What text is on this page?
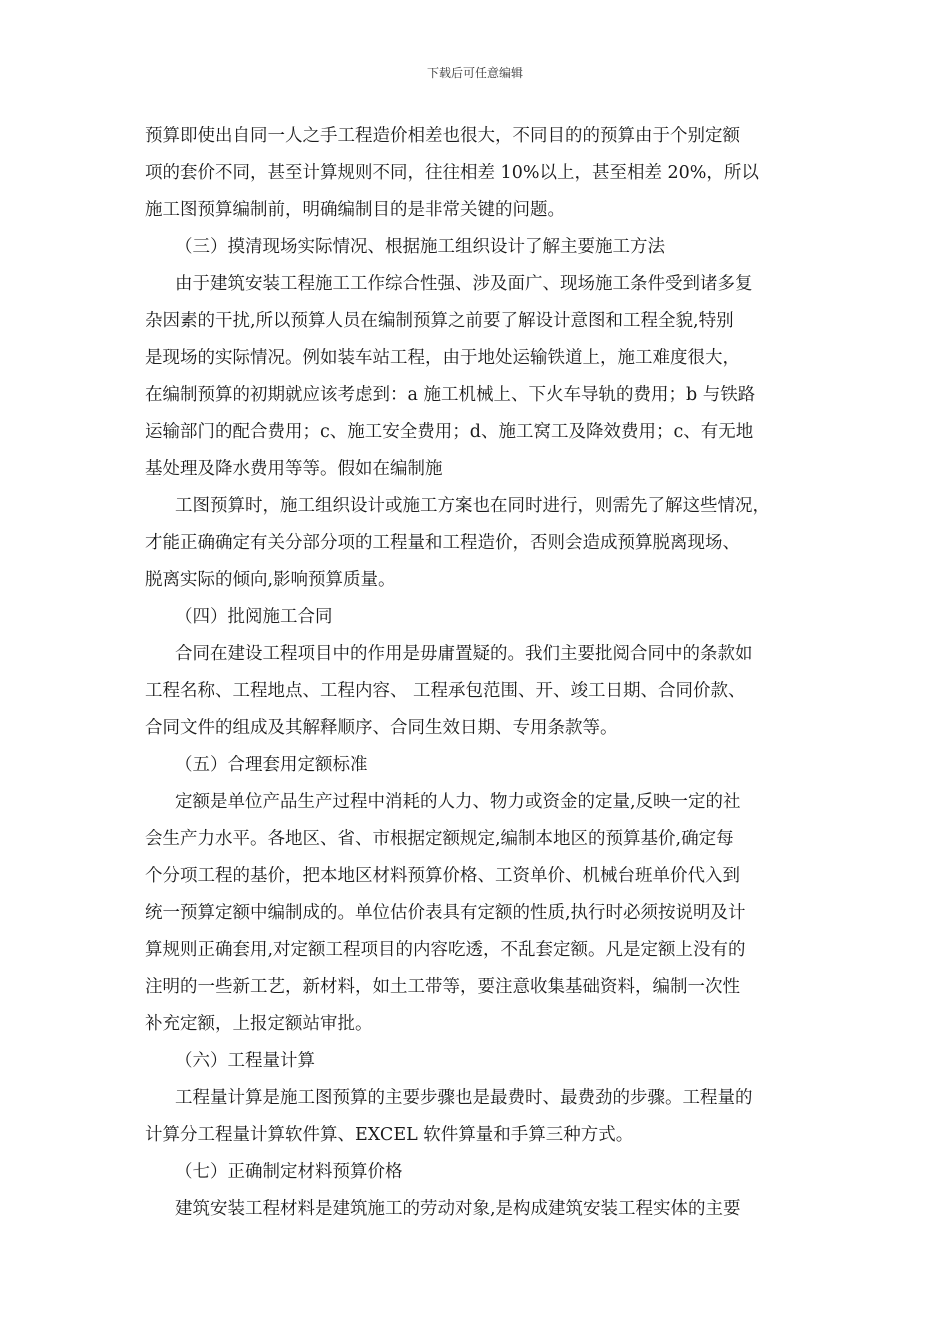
下载后可任意编辑
预算即使出自同一人之手工程造价相差也很大，不同目的的预算由于个别定额
项的套价不同，甚至计算规则不同，往往相差 10%以上，甚至相差 20%，所以
施工图预算编制前，明确编制目的是非常关键的问题。
（三）摸清现场实际情况、根据施工组织设计了解主要施工方法
由于建筑安装工程施工工作综合性强、涉及面广、现场施工条件受到诸多复
杂因素的干扰,所以预算人员在编制预算之前要了解设计意图和工程全貌,特别
是现场的实际情况。例如装车站工程，由于地处运输铁道上，施工难度很大，
在编制预算的初期就应该考虑到：a 施工机械上、下火车导轨的费用；b 与铁路
运输部门的配合费用；c、施工安全费用；d、施工窝工及降效费用；c、有无地
基处理及降水费用等等。假如在编制施
工图预算时，施工组织设计或施工方案也在同时进行，则需先了解这些情况，
才能正确确定有关分部分项的工程量和工程造价，否则会造成预算脱离现场、
脱离实际的倾向,影响预算质量。
（四）批阅施工合同
合同在建设工程项目中的作用是毋庸置疑的。我们主要批阅合同中的条款如
工程名称、工程地点、工程内容、 工程承包范围、开、竣工日期、合同价款、
合同文件的组成及其解释顺序、合同生效日期、专用条款等。
（五）合理套用定额标准
定额是单位产品生产过程中消耗的人力、物力或资金的定量,反映一定的社
会生产力水平。各地区、省、市根据定额规定,编制本地区的预算基价,确定每
个分项工程的基价，把本地区材料预算价格、工资单价、机械台班单价代入到
统一预算定额中编制成的。单位估价表具有定额的性质,执行时必须按说明及计
算规则正确套用,对定额工程项目的内容吃透，不乱套定额。凡是定额上没有的
注明的一些新工艺，新材料，如土工带等，要注意收集基础资料，编制一次性
补充定额，上报定额站审批。
（六）工程量计算
工程量计算是施工图预算的主要步骤也是最费时、最费劲的步骤。工程量的
计算分工程量计算软件算、EXCEL 软件算量和手算三种方式。
（七）正确制定材料预算价格
建筑安装工程材料是建筑施工的劳动对象,是构成建筑安装工程实体的主要
